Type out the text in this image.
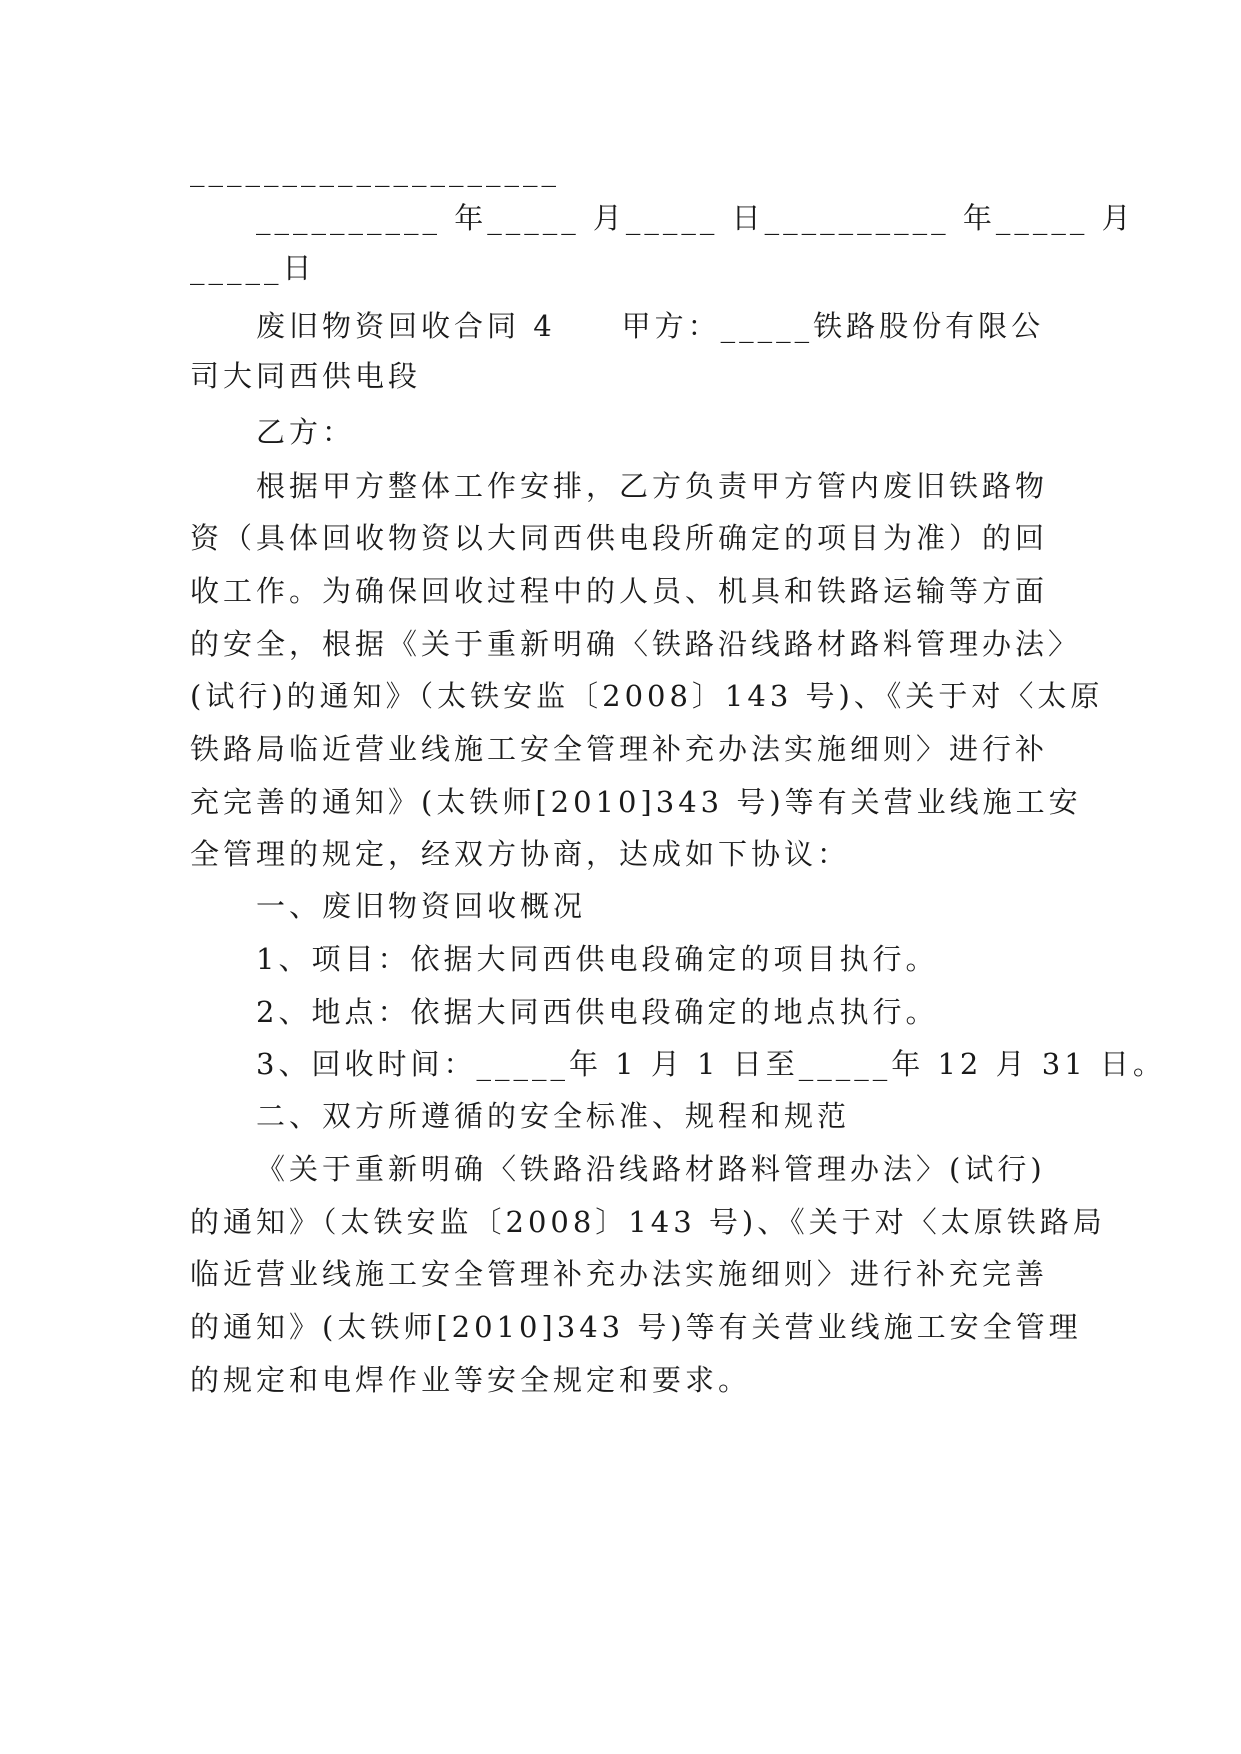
____________________
__________ 年_____ 月_____ 日__________ 年_____ 月
_____日
废旧物资回收合同 4　　甲方：_____铁路股份有限公
司大同西供电段
乙方：
根据甲方整体工作安排，乙方负责甲方管内废旧铁路物
资（具体回收物资以大同西供电段所确定的项目为准）的回
收工作。为确保回收过程中的人员、机具和铁路运输等方面
的安全，根据《关于重新明确〈铁路沿线路材路料管理办法〉
(试行)的通知》（太铁安监〔2008〕143 号)、《关于对〈太原
铁路局临近营业线施工安全管理补充办法实施细则〉进行补
充完善的通知》(太铁师[2010]343 号)等有关营业线施工安
全管理的规定，经双方协商，达成如下协议：
一、废旧物资回收概况
1、项目：依据大同西供电段确定的项目执行。
2、地点：依据大同西供电段确定的地点执行。
3、回收时间：_____年 1 月 1 日至_____年 12 月 31 日。
二、双方所遵循的安全标准、规程和规范
《关于重新明确〈铁路沿线路材路料管理办法〉(试行)
的通知》（太铁安监〔2008〕143 号)、《关于对〈太原铁路局
临近营业线施工安全管理补充办法实施细则〉进行补充完善
的通知》(太铁师[2010]343 号)等有关营业线施工安全管理
的规定和电焊作业等安全规定和要求。
